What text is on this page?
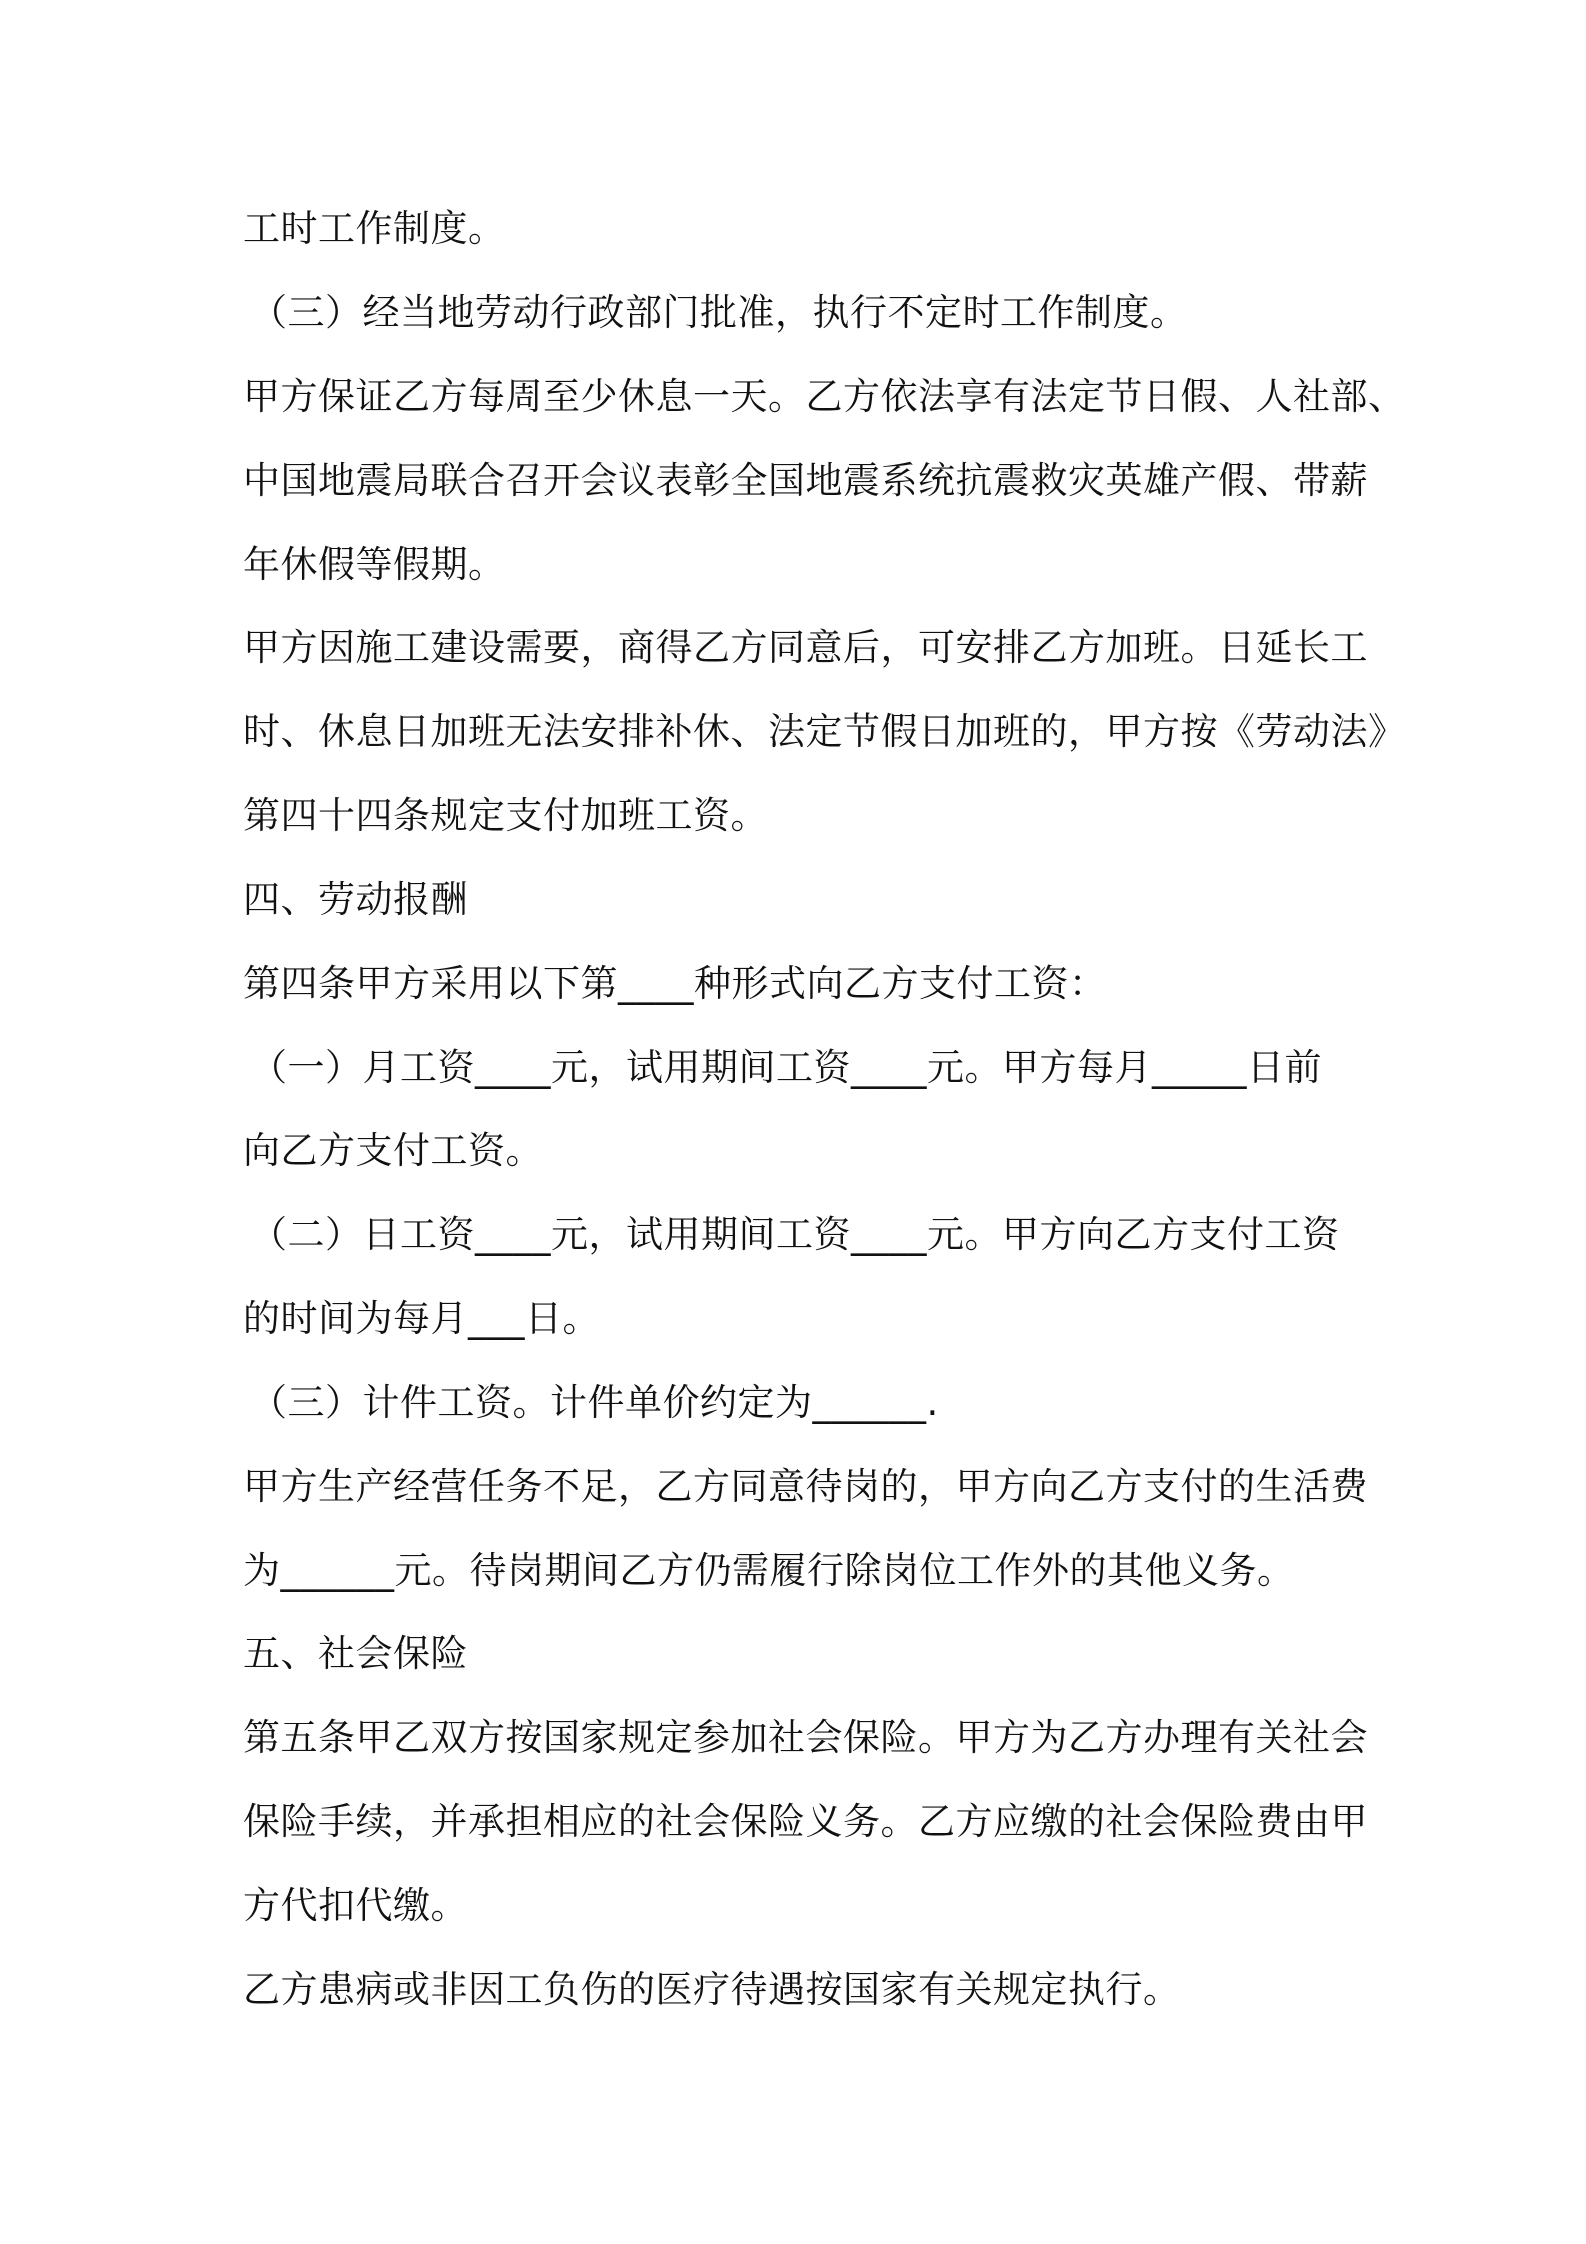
工时工作制度。
（三）经当地劳动行政部门批准，执行不定时工作制度。
甲方保证乙方每周至少休息一天。乙方依法享有法定节日假、人社部、
中国地震局联合召开会议表彰全国地震系统抗震救灾英雄产假、带薪
年休假等假期。
甲方因施工建设需要，商得乙方同意后，可安排乙方加班。日延长工
时、休息日加班无法安排补休、法定节假日加班的，甲方按《劳动法》
第四十四条规定支付加班工资。
四、劳动报酬
第四条甲方采用以下第____种形式向乙方支付工资：
（一）月工资____元，试用期间工资____元。甲方每月_____日前
向乙方支付工资。
（二）日工资____元，试用期间工资____元。甲方向乙方支付工资
的时间为每月___日。
（三）计件工资。计件单价约定为______.
甲方生产经营任务不足，乙方同意待岗的，甲方向乙方支付的生活费
为______元。待岗期间乙方仍需履行除岗位工作外的其他义务。
五、社会保险
第五条甲乙双方按国家规定参加社会保险。甲方为乙方办理有关社会
保险手续，并承担相应的社会保险义务。乙方应缴的社会保险费由甲
方代扣代缴。
乙方患病或非因工负伤的医疗待遇按国家有关规定执行。
